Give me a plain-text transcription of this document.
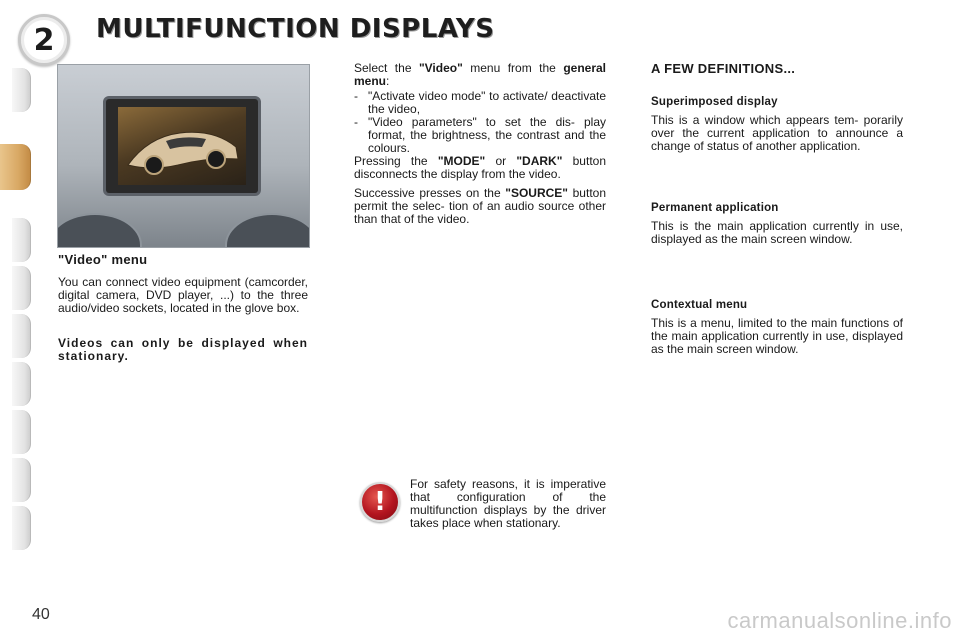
2	MULTIFUNCTION DISPLAYS
"Video" menu

You can connect video equipment (camcorder, digital camera, DVD player, ...) to the three audio/video sockets, located in the glove box.

Videos can only be displayed when stationary.

Select the "Video" menu from the general menu:

- "Activate video mode" to activate/ deactivate the video,
- "Video parameters" to set the dis- play format, the brightness, the contrast and the colours.

Pressing the "MODE" or "DARK" button disconnects the display from the video.

Successive presses on the "SOURCE" button permit the selec- tion of an audio source other than that of the video.

!

For safety reasons, it is imperative that configuration of the multifunction displays by the driver takes place when stationary.

A FEW DEFINITIONS...
Superimposed display

This is a window which appears tem- porarily over the current application to announce a change of status of another application.

Permanent application

This is the main application currently in use, displayed as the main screen window.

Contextual menu

This is a menu, limited to the main functions of the main application currently in use, displayed as the main screen window.

40	carmanualsonline.info
